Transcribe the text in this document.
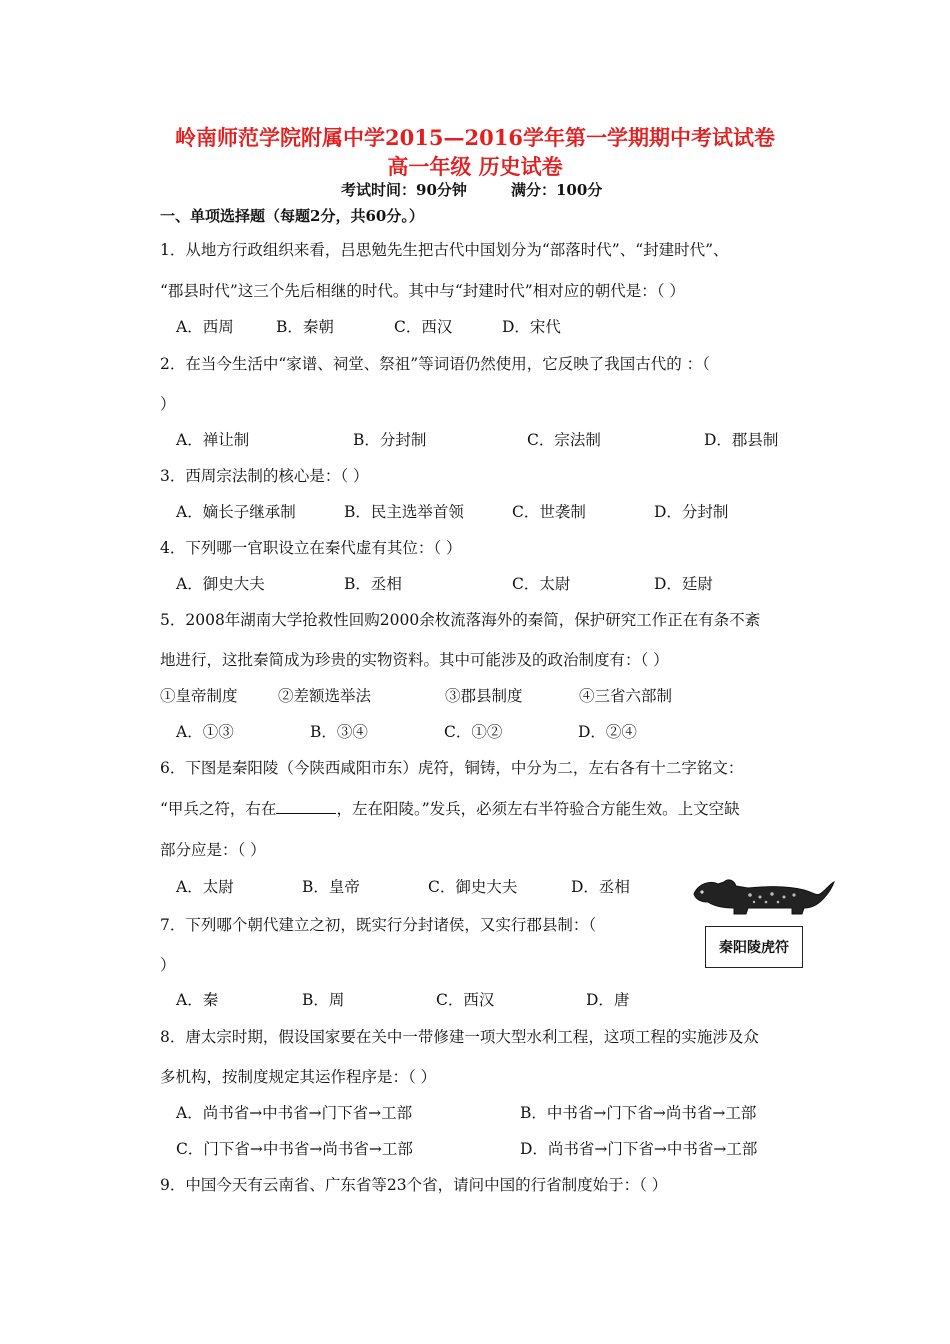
岭南师范学院附属中学2015—2016学年第一学期期中考试试卷
高一年级 历史试卷
考试时间：90分钟	满分：100分
一、单项选择题（每题2分，共60分。）
1．从地方行政组织来看，吕思勉先生把古代中国划分为“部落时代”、“封建时代”、
“郡县时代”这三个先后相继的时代。其中与“封建时代”相对应的朝代是：（ ）
A．西周	B．秦朝	C．西汉	D．宋代
2．在当今生活中“家谱、祠堂、祭祖”等词语仍然使用，它反映了我国古代的 ：（
）
A．禅让制	B．分封制	C．宗法制	D．郡县制
3．西周宗法制的核心是：（ ）
A．嫡长子继承制	B．民主选举首领	C．世袭制	D．分封制
4．下列哪一官职设立在秦代虚有其位：（ ）
A．御史大夫	B．丞相	C．太尉	D．廷尉
5．2008年湖南大学抢救性回购2000余枚流落海外的秦简，保护研究工作正在有条不紊
地进行，这批秦简成为珍贵的实物资料。其中可能涉及的政治制度有：（ ）
①皇帝制度	②差额选举法	③郡县制度	④三省六部制
A．①③	B．③④	C．①②	D．②④
6．下图是秦阳陵（今陕西咸阳市东）虎符，铜铸，中分为二，左右各有十二字铭文：
“甲兵之符，右在	，左在阳陵。”发兵，必须左右半符验合方能生效。上文空缺
部分应是：（ ）
A．太尉	B．皇帝	C．御史大夫	D．丞相
秦阳陵虎符
7．下列哪个朝代建立之初，既实行分封诸侯，又实行郡县制：（
）
A．秦	B．周	C．西汉	D．唐
8．唐太宗时期，假设国家要在关中一带修建一项大型水利工程，这项工程的实施涉及众
多机构，按制度规定其运作程序是：（ ）
A．尚书省→中书省→门下省→工部	B．中书省→门下省→尚书省→工部
C．门下省→中书省→尚书省→工部	D．尚书省→门下省→中书省→工部
9．中国今天有云南省、广东省等23个省，请问中国的行省制度始于：（ ）
